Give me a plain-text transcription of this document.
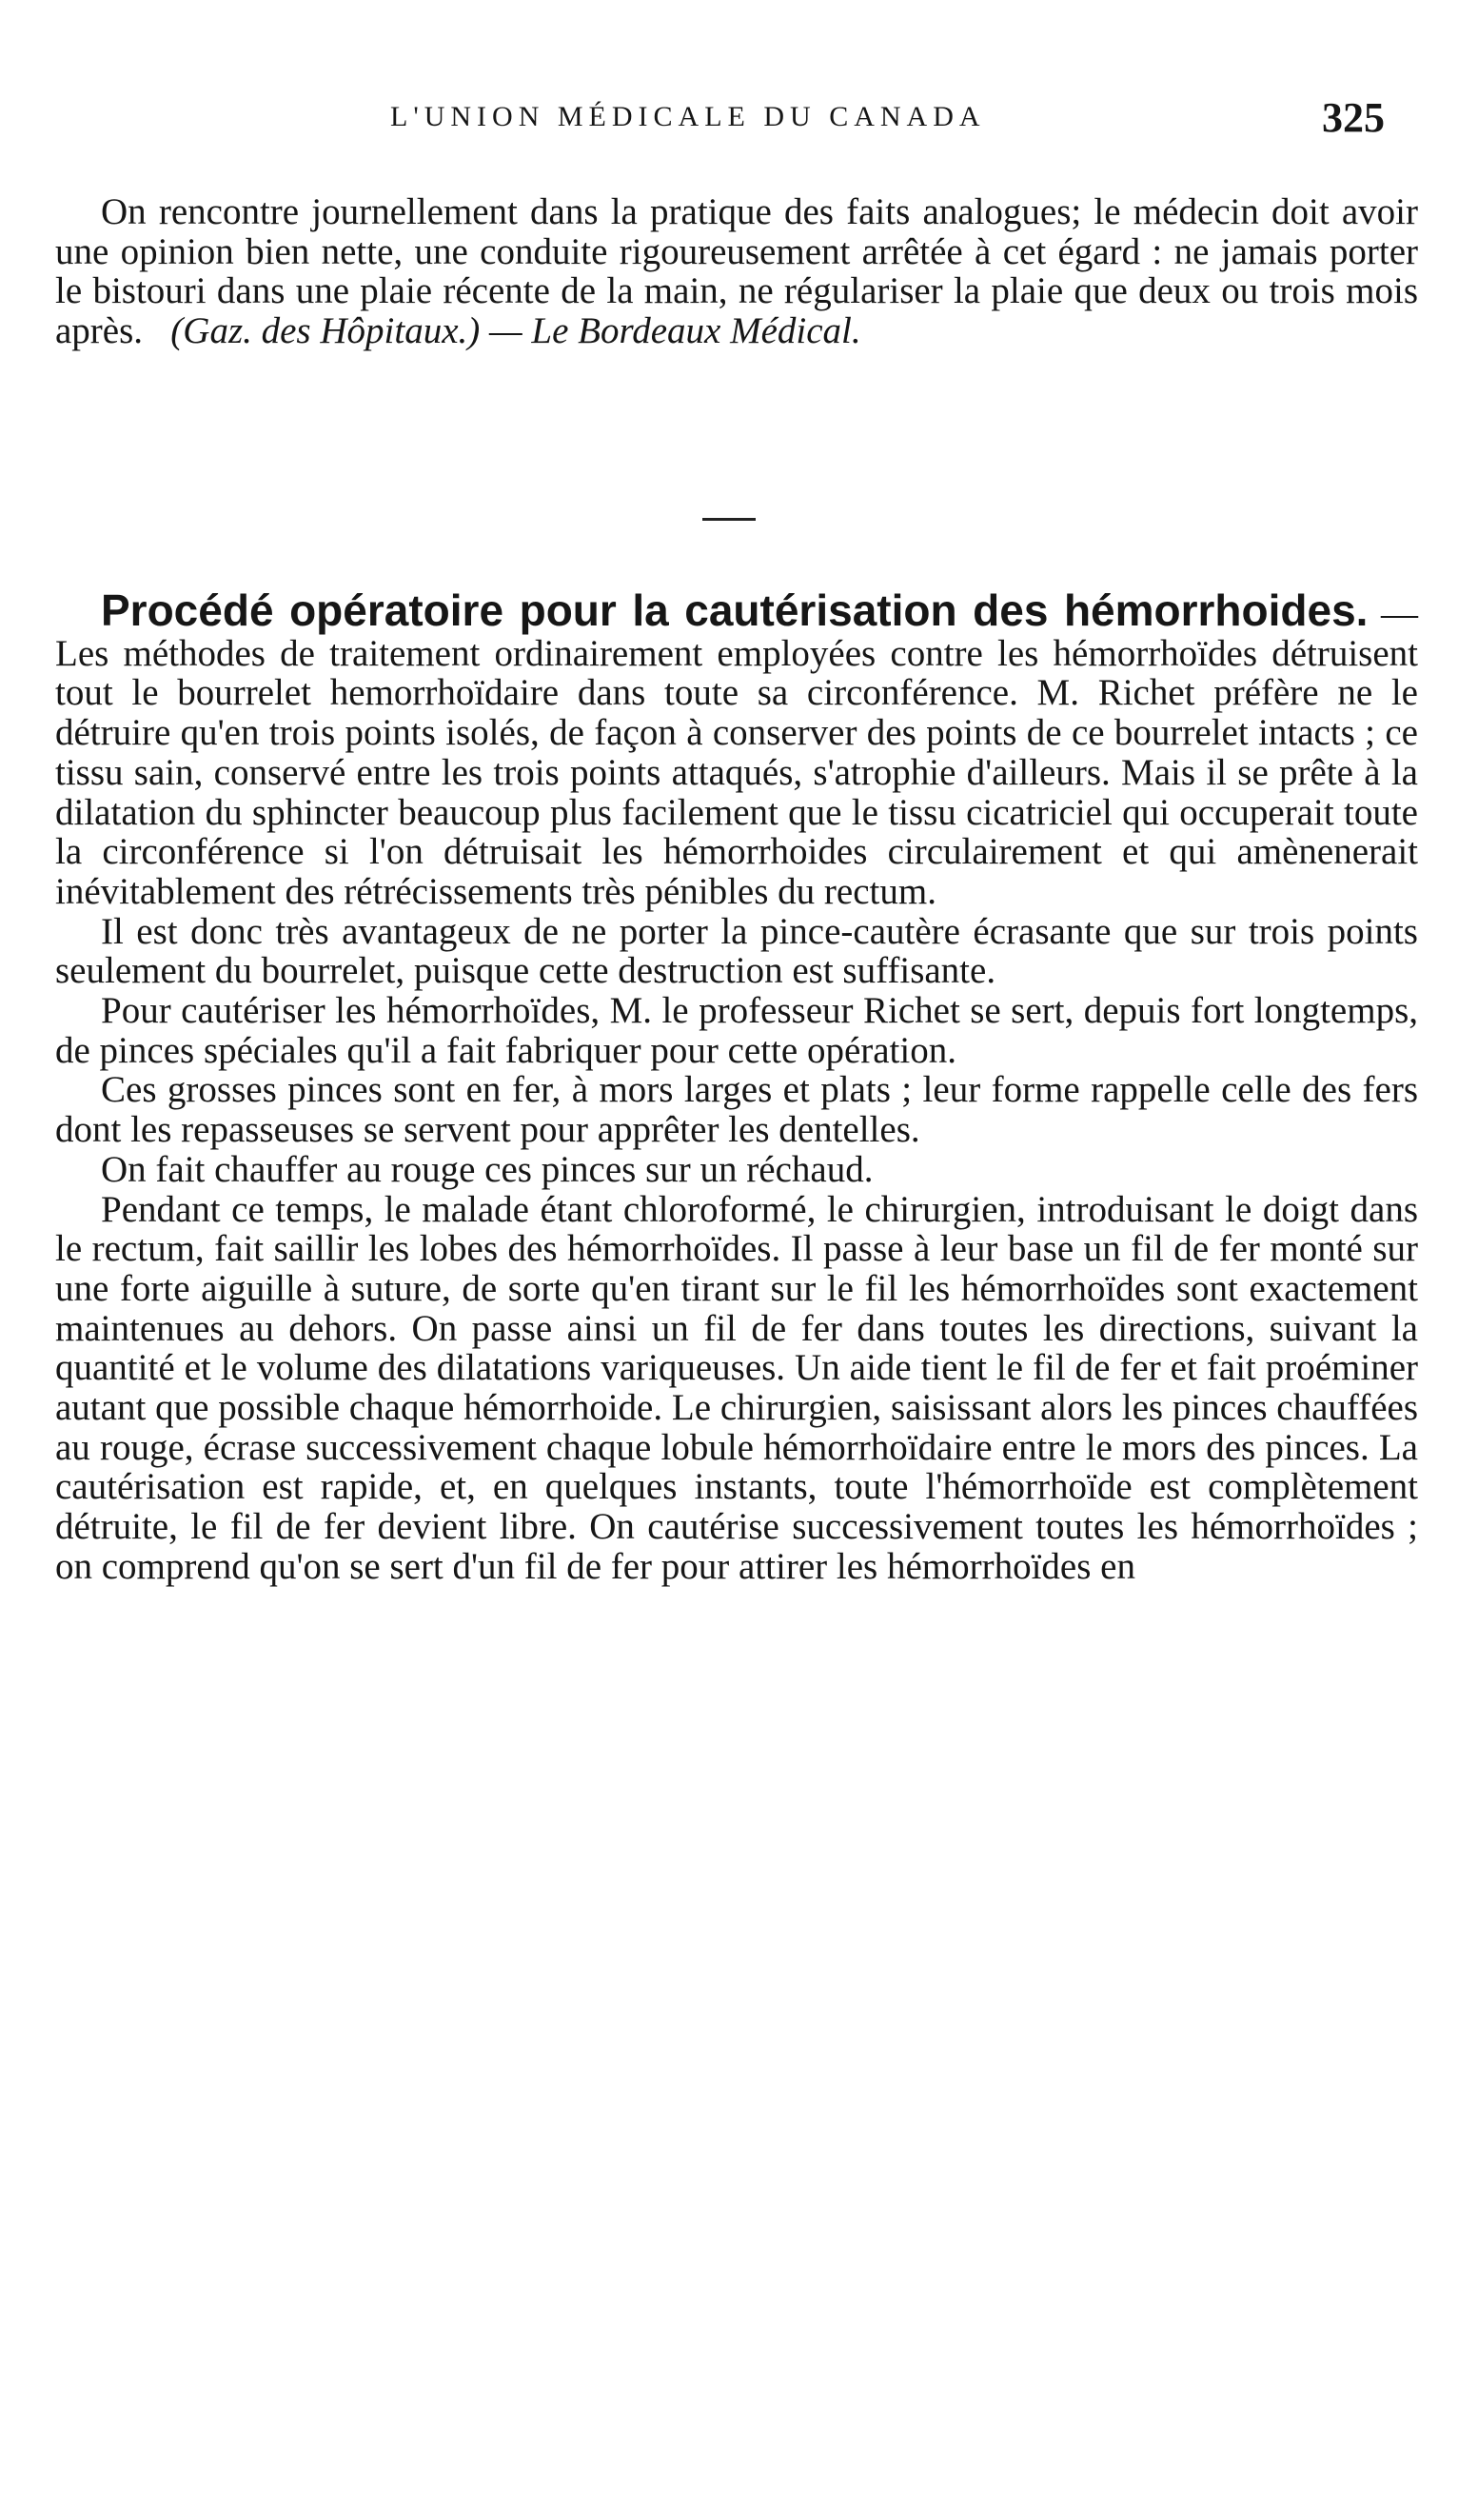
L'UNION MÉDICALE DU CANADA	325

On rencontre journellement dans la pratique des faits analogues; le médecin doit avoir une opinion bien nette, une conduite rigoureusement arrêtée à cet égard : ne jamais porter le bistouri dans une plaie récente de la main, ne régulariser la plaie que deux ou trois mois après. (Gaz. des Hôpitaux.) — Le Bordeaux Médical.

Procédé opératoire pour la cautérisation des hémorrhoides. — Les méthodes de traitement ordinairement employées contre les hémorrhoïdes détruisent tout le bourrelet hemorrhoïdaire dans toute sa circonférence. M. Richet préfère ne le détruire qu'en trois points isolés, de façon à conserver des points de ce bourrelet intacts ; ce tissu sain, conservé entre les trois points attaqués, s'atrophie d'ailleurs. Mais il se prête à la dilatation du sphincter beaucoup plus facilement que le tissu cicatriciel qui occuperait toute la circonférence si l'on détruisait les hémorrhoides circulairement et qui amènenerait inévitablement des rétrécissements très pénibles du rectum.

Il est donc très avantageux de ne porter la pince-cautère écrasante que sur trois points seulement du bourrelet, puisque cette destruction est suffisante.

Pour cautériser les hémorrhoïdes, M. le professeur Richet se sert, depuis fort longtemps, de pinces spéciales qu'il a fait fabriquer pour cette opération.

Ces grosses pinces sont en fer, à mors larges et plats ; leur forme rappelle celle des fers dont les repasseuses se servent pour apprêter les dentelles.

On fait chauffer au rouge ces pinces sur un réchaud.

Pendant ce temps, le malade étant chloroformé, le chirurgien, introduisant le doigt dans le rectum, fait saillir les lobes des hémorrhoïdes. Il passe à leur base un fil de fer monté sur une forte aiguille à suture, de sorte qu'en tirant sur le fil les hémorrhoïdes sont exactement maintenues au dehors. On passe ainsi un fil de fer dans toutes les directions, suivant la quantité et le volume des dilatations variqueuses. Un aide tient le fil de fer et fait proéminer autant que possible chaque hémorrhoide. Le chirurgien, saisissant alors les pinces chauffées au rouge, écrase successivement chaque lobule hémorrhoïdaire entre le mors des pinces. La cautérisation est rapide, et, en quelques instants, toute l'hémorrhoïde est complètement détruite, le fil de fer devient libre. On cautérise successivement toutes les hémorrhoïdes ; on comprend qu'on se sert d'un fil de fer pour attirer les hémorrhoïdes en
